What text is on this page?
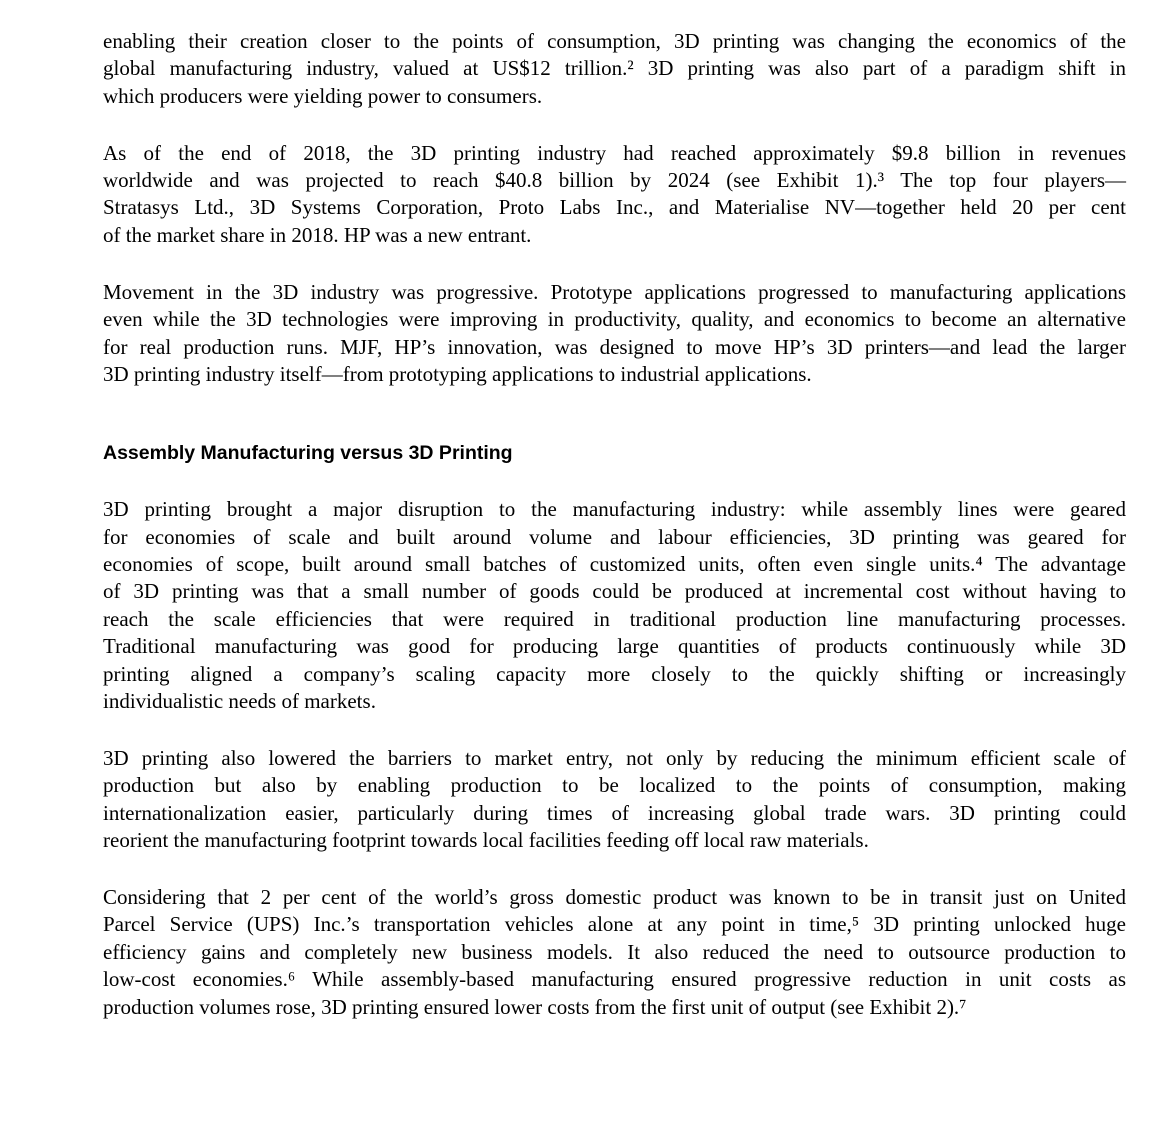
enabling their creation closer to the points of consumption, 3D printing was changing the economics of the
global manufacturing industry, valued at US$12 trillion.² 3D printing was also part of a paradigm shift in
which producers were yielding power to consumers.
As of the end of 2018, the 3D printing industry had reached approximately $9.8 billion in revenues
worldwide and was projected to reach $40.8 billion by 2024 (see Exhibit 1).³ The top four players—
Stratasys Ltd., 3D Systems Corporation, Proto Labs Inc., and Materialise NV—together held 20 per cent
of the market share in 2018. HP was a new entrant.
Movement in the 3D industry was progressive. Prototype applications progressed to manufacturing applications
even while the 3D technologies were improving in productivity, quality, and economics to become an alternative
for real production runs. MJF, HP’s innovation, was designed to move HP’s 3D printers—and lead the larger
3D printing industry itself—from prototyping applications to industrial applications.
Assembly Manufacturing versus 3D Printing
3D printing brought a major disruption to the manufacturing industry: while assembly lines were geared
for economies of scale and built around volume and labour efficiencies, 3D printing was geared for
economies of scope, built around small batches of customized units, often even single units.⁴ The advantage
of 3D printing was that a small number of goods could be produced at incremental cost without having to
reach the scale efficiencies that were required in traditional production line manufacturing processes.
Traditional manufacturing was good for producing large quantities of products continuously while 3D
printing aligned a company’s scaling capacity more closely to the quickly shifting or increasingly
individualistic needs of markets.
3D printing also lowered the barriers to market entry, not only by reducing the minimum efficient scale of
production but also by enabling production to be localized to the points of consumption, making
internationalization easier, particularly during times of increasing global trade wars. 3D printing could
reorient the manufacturing footprint towards local facilities feeding off local raw materials.
Considering that 2 per cent of the world’s gross domestic product was known to be in transit just on United
Parcel Service (UPS) Inc.’s transportation vehicles alone at any point in time,⁵ 3D printing unlocked huge
efficiency gains and completely new business models. It also reduced the need to outsource production to
low-cost economies.⁶ While assembly-based manufacturing ensured progressive reduction in unit costs as
production volumes rose, 3D printing ensured lower costs from the first unit of output (see Exhibit 2).⁷
